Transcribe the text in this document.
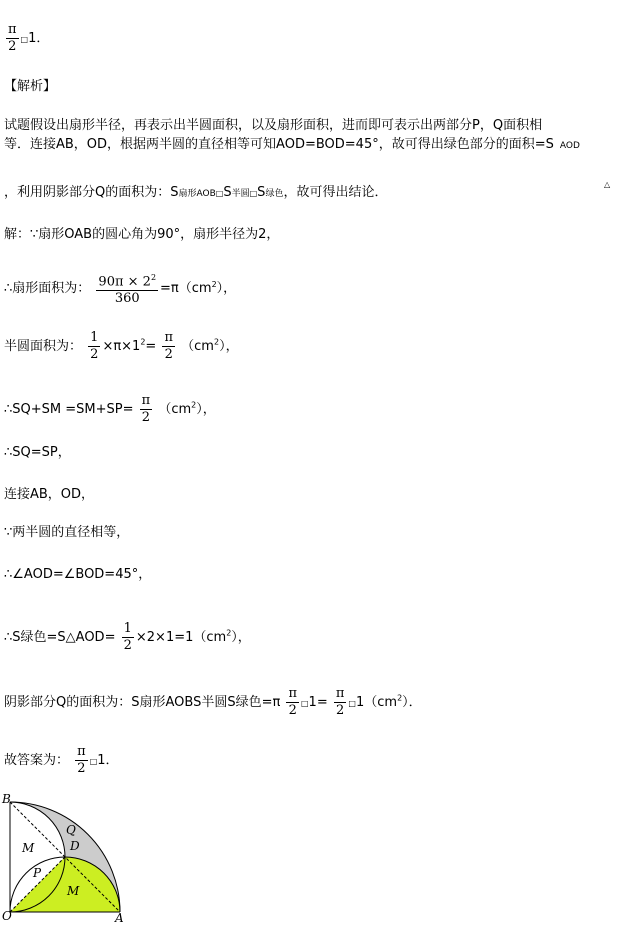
$\frac{\pi}{2}$ □1．
【解析】
试题假设出扇形半径，再表示出半圆面积，以及扇形面积，进而即可表示出两部分P，Q面积相
等．连接AB，OD，根据两半圆的直径相等可知AOD=BOD=45°，故可得出绿色部分的面积=S AOD
，利用阴影部分Q的面积为：S扇形AOB□S半圆□S绿色，故可得出结论．
△
解：∵扇形OAB的圆心角为90°，扇形半径为2，
∴扇形面积为： $\frac{90\pi \times 2^2}{360} =\pi(cm^2)$，
半圆面积为： $\frac{1}{2} \times\pi\times 1^2= \frac{\pi}{2} (cm^2)$，
∴SQ+SM $=SM+SP= \frac{\pi}{2} (cm^2)$，
∴SQ=SP，
连接AB，OD，
∵两半圆的直径相等，
∴∠AOD=∠BOD=45°，
∴S绿色=S△AOD= $\frac{1}{2} \times 2\times 1=1(cm^2)$，
阴影部分Q的面积为：S扇形AOBS半圆S绿色$=\pi \frac{\pi}{2}$ □1= $\frac{\pi}{2}$ $□1(cm^2)$．
故答案为： $\frac{\pi}{2}$ □1．
B
O	A
D
Q
M
P
M
